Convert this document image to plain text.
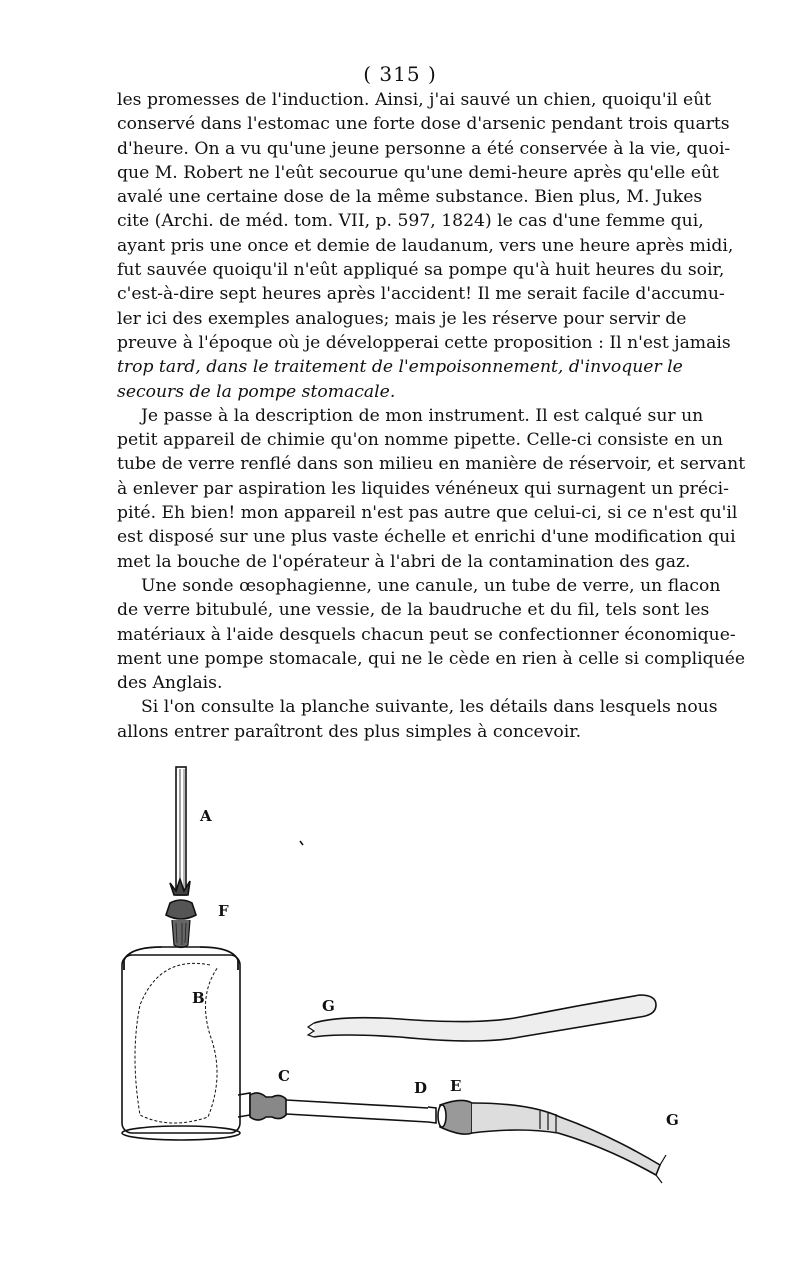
( 315 )
les promesses de l'induction. Ainsi, j'ai sauvé un chien, quoiqu'il eût
conservé dans l'estomac une forte dose d'arsenic pendant trois quarts
d'heure. On a vu qu'une jeune personne a été conservée à la vie, quoi-
que M. Robert ne l'eût secourue qu'une demi-heure après qu'elle eût
avalé une certaine dose de la même substance. Bien plus, M. Jukes
cite (Archi. de méd. tom. VII, p. 597, 1824) le cas d'une femme qui,
ayant pris une once et demie de laudanum, vers une heure après midi,
fut sauvée quoiqu'il n'eût appliqué sa pompe qu'à huit heures du soir,
c'est-à-dire sept heures après l'accident! Il me serait facile d'accumu-
ler ici des exemples analogues; mais je les réserve pour servir de
preuve à l'époque où je développerai cette proposition : Il n'est jamais
trop tard, dans le traitement de l'empoisonnement, d'invoquer le
secours de la pompe stomacale.
Je passe à la description de mon instrument. Il est calqué sur un
petit appareil de chimie qu'on nomme pipette. Celle-ci consiste en un
tube de verre renflé dans son milieu en manière de réservoir, et servant
à enlever par aspiration les liquides vénéneux qui surnagent un préci-
pité. Eh bien! mon appareil n'est pas autre que celui-ci, si ce n'est qu'il
est disposé sur une plus vaste échelle et enrichi d'une modification qui
met la bouche de l'opérateur à l'abri de la contamination des gaz.
Une sonde œsophagienne, une canule, un tube de verre, un flacon
de verre bitubulé, une vessie, de la baudruche et du fil, tels sont les
matériaux à l'aide desquels chacun peut se confectionner économique-
ment une pompe stomacale, qui ne le cède en rien à celle si compliquée
des Anglais.
Si l'on consulte la planche suivante, les détails dans lesquels nous
allons entrer paraîtront des plus simples à concevoir.
A
F
B
C
D E
G
G
